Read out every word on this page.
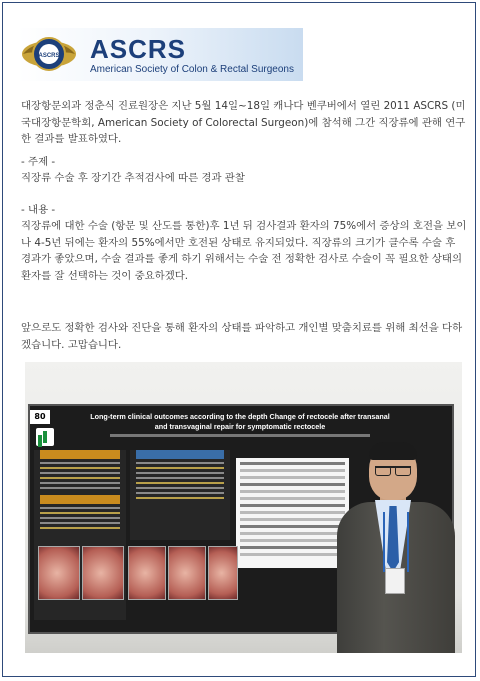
ASCRS ASCRS
American Society of Colon & Rectal Surgeons
대장항문외과 정춘식 진료원장은 지난 5월 14일~18일 캐나다 벤쿠버에서 열린 2011 ASCRS (미국대장항문학회, American Society of Colorectal Surgeon)에 참석해 그간 직장류에 관해 연구한 결과를 발표하였다.
- 주제 -
직장류 수술 후 장기간 추적검사에 따른 경과 관찰
- 내용 -
직장류에 대한 수술 (항문 및 산도를 통한)후 1년 뒤 검사결과 환자의 75%에서 증상의 호전을 보이나 4-5년 뒤에는 환자의 55%에서만 호전된 상태로 유지되었다. 직장류의 크기가 클수록 수술 후 경과가 좋았으며, 수술 결과를 좋게 하기 위해서는 수술 전 정확한 검사로 수술이 꼭 필요한 상태의 환자를 잘 선택하는 것이 중요하겠다.
앞으로도 정확한 검사와 진단을 통해 환자의 상태를 파악하고 개인별 맞춤치료를 위해 최선을 다하겠습니다. 고맙습니다.
80	Long-term clinical outcomes according to the depth Change of rectocele after transanal and transvaginal repair for symptomatic rectocele
